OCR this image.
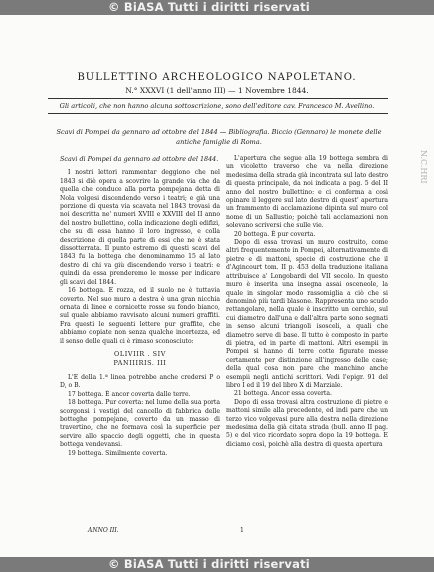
© BiASA Tutti i diritti riservati
BULLETTINO ARCHEOLOGICO NAPOLETANO.
N.° XXXVI (1 dell'anno III) — 1 Novembre 1844.
Gli articoli, che non hanno alcuna sottoscrizione, sono dell'editore cav. Francesco M. Avellino.
Scavi di Pompei da gennaro ad ottobre del 1844 — Bibliografia. Biccio (Gennaro) le monete delle antiche famiglie di Roma.

Scavi di Pompei da gennaro ad ottobre del 1844.

I nostri lettori rammentar deggiono che nel 1843 si diè opera a scovrire la grande via che da quella che conduce alla porta pompejana detta di Nola volgesi discendendo verso i teatri; e già una porzione di questa via scavata nel 1843 trovasi da noi descritta ne' numeri XVIII e XXVIII del II anno del nostro bullettino, colla indicazione degli edifizi, che su di essa hanno il loro ingresso, e colla descrizione di quella parte di essi che ne è stata dissotterrata. Il punto estremo di questi scavi del 1843 fu la bottega che denominammo 15 al lato destro di chi va giù discendendo verso i teatri: e quindi da essa prenderemo le mosse per indicare gli scavi del 1844.

16 bottega. E rozza, ed il suolo ne è tuttavia coverto. Nel suo muro a destra è una gran nicchia ornata di linee e cornicette rosse su fondo bianco, sul quale abbiamo ravvisato alcuni numeri graffiti. Fra questi le seguenti lettere pur graffite, che abbiamo copiate non senza qualche incertezza, ed il senso delle quali ci è rimaso sconosciuto:

OLIVIIR . SIV
PANIIIRIS. III

L'E della 1.ª linea potrebbe anche credersi P o D, o B.

17 bottega. È ancor coverta dalle terre.

18 bottega. Pur coverta: nel lume della sua porta scorgonsi i vestigi del cancello di fabbrica delle botteghe pompejane, coverto da un masso di travertino, che ne formava così la superficie per servire allo spaccio degli oggetti, che in questa bottega vendevansi.

19 bottega. Similmente coverta.

L'apertura che segue alla 19 bottega sembra di un vicoletto traverso che va nella direzione medesima della strada già incontrata sul lato destro di questa principale, da noi indicata a pag. 5 del II anno del nostro bullettino: e ci conferma a così opinare il leggere sul lato destro di quest' apertura un frammento di acclamazione dipinta sul muro col nome di un Sallustio; poichè tali acclamazioni non solevano scriversi che sulle vie.

20 bottega. È pur coverta.

Dopo di essa trovasi un muro costruito, come altri frequentemente in Pompei, alternativamente di pietre e di mattoni, specie di costruzione che il d'Agincourt tom. II p. 453 della traduzione italiana attribuisce a' Longobardi del VII secolo. In questo muro è inserita una insegna assai osceneole, la quale in singolar modo rassomiglia a ciò che si denominò più tardi blasone. Rappresenta uno scudo rettangolare, nella quale è inscritto un cerchio, sul cui diametro dall'una e dall'altra parte sono segnati in senso alcuni triangoli isosceli, a quali che diametro serve di base. Il tutto è composto in parte di pietra, ed in parte di mattoni. Altri esempii in Pompei si hanno di terre cotte figurate messe certamente per distinzione all'ingresso delle case; della qual cosa non pare che manchino anche esempii negli antichi scrittori. Vedi l'epigr. 91 del libro I ed il 19 del libro X di Marziale.

21 bottega. Ancor essa coverta.

Dopo di essa trovasi altra costruzione di pietre e mattoni simile alla precedente, ed indi pare che un terzo vico volgevasi pure alla destra nella direzione medesima della già citata strada (bull. anno II pag. 5) e del vico ricordato sopra dopo la 19 bottega. E diciamo così, poichè alla destra di questa apertura

N.C.HRI
ANNO III.	1
© BiASA Tutti i diritti riservati
